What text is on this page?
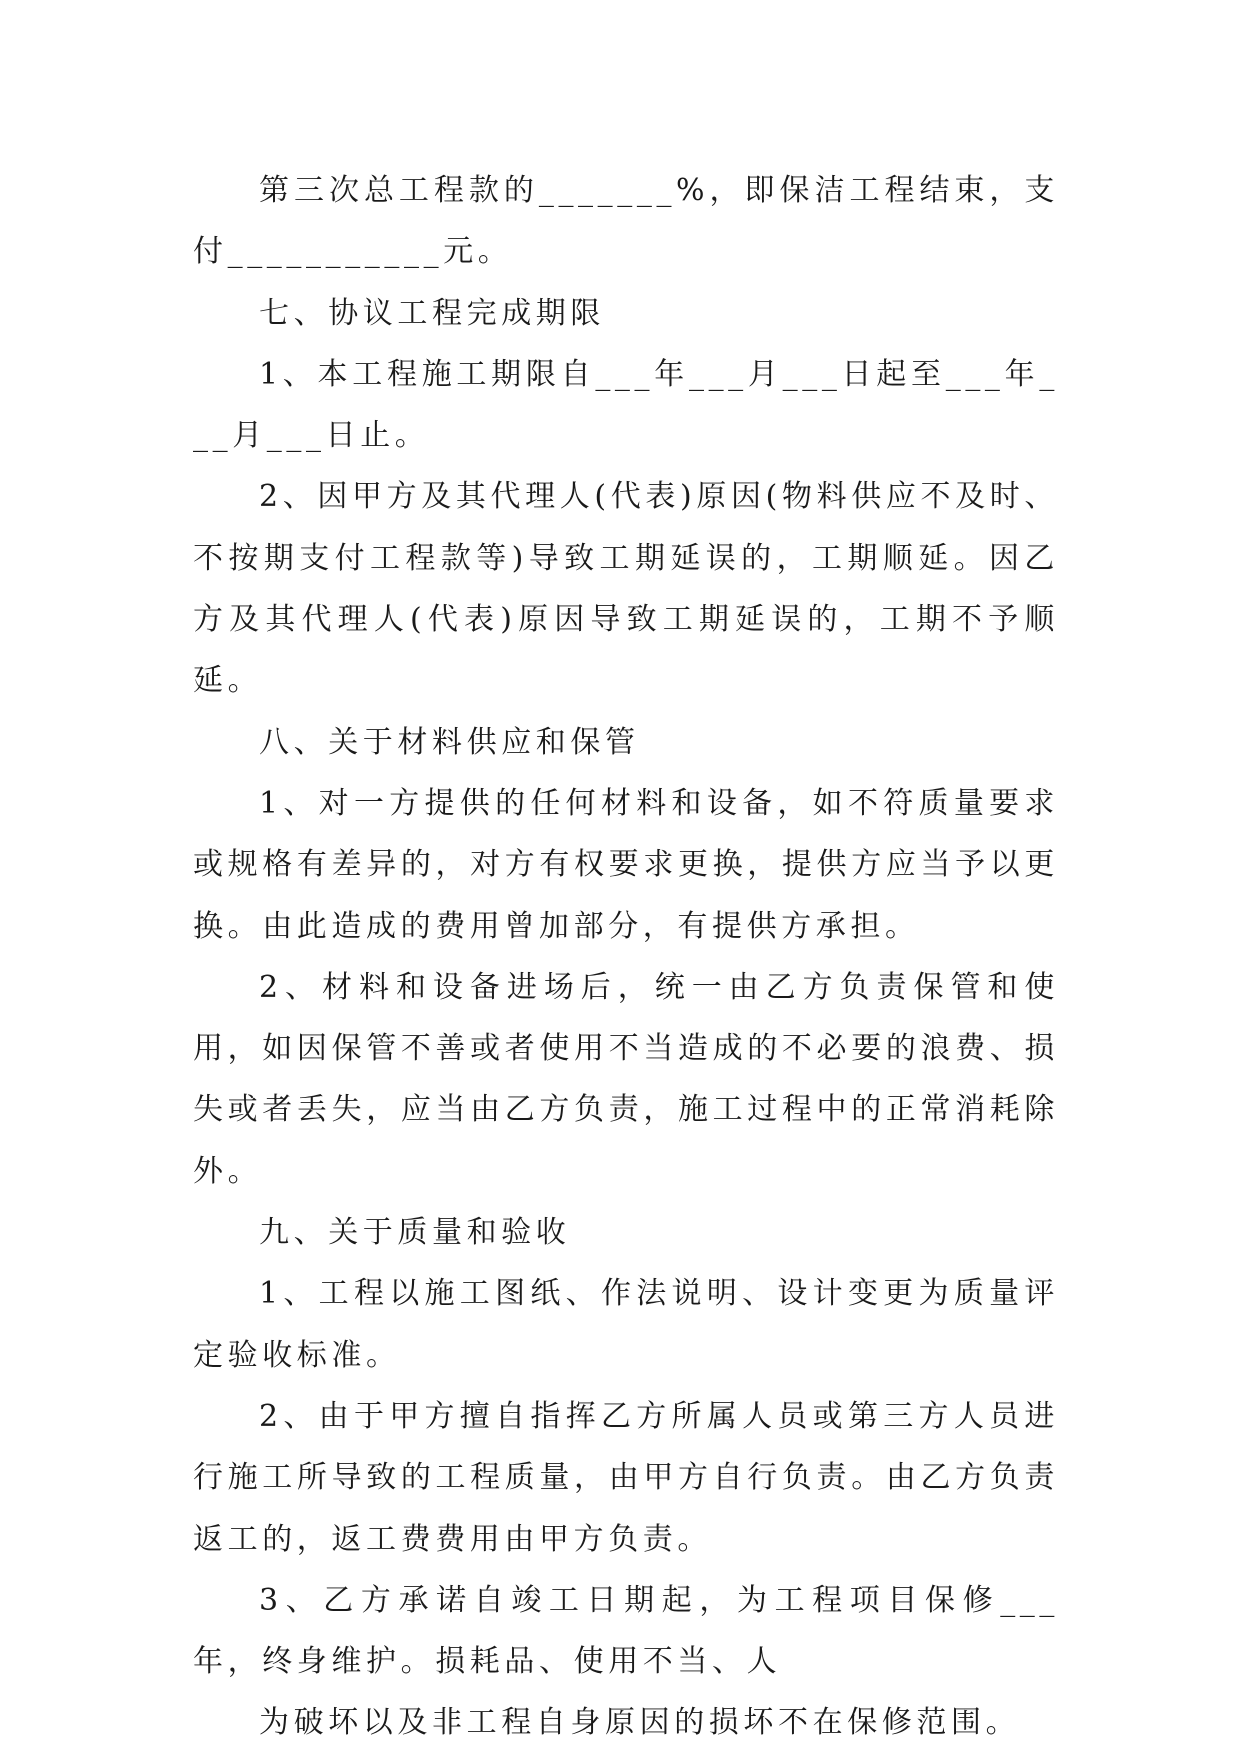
第三次总工程款的_______%，即保洁工程结束，支付___________元。

七、协议工程完成期限

1、本工程施工期限自___年___月___日起至___年___月___日止。

2、因甲方及其代理人(代表)原因(物料供应不及时、不按期支付工程款等)导致工期延误的，工期顺延。因乙方及其代理人(代表)原因导致工期延误的，工期不予顺延。

八、关于材料供应和保管

1、对一方提供的任何材料和设备，如不符质量要求或规格有差异的，对方有权要求更换，提供方应当予以更换。由此造成的费用曾加部分，有提供方承担。

2、材料和设备进场后，统一由乙方负责保管和使用，如因保管不善或者使用不当造成的不必要的浪费、损失或者丢失，应当由乙方负责，施工过程中的正常消耗除外。

九、关于质量和验收

1、工程以施工图纸、作法说明、设计变更为质量评定验收标准。

2、由于甲方擅自指挥乙方所属人员或第三方人员进行施工所导致的工程质量，由甲方自行负责。由乙方负责返工的，返工费费用由甲方负责。

3、乙方承诺自竣工日期起，为工程项目保修___年，终身维护。损耗品、使用不当、人

为破坏以及非工程自身原因的损坏不在保修范围。
